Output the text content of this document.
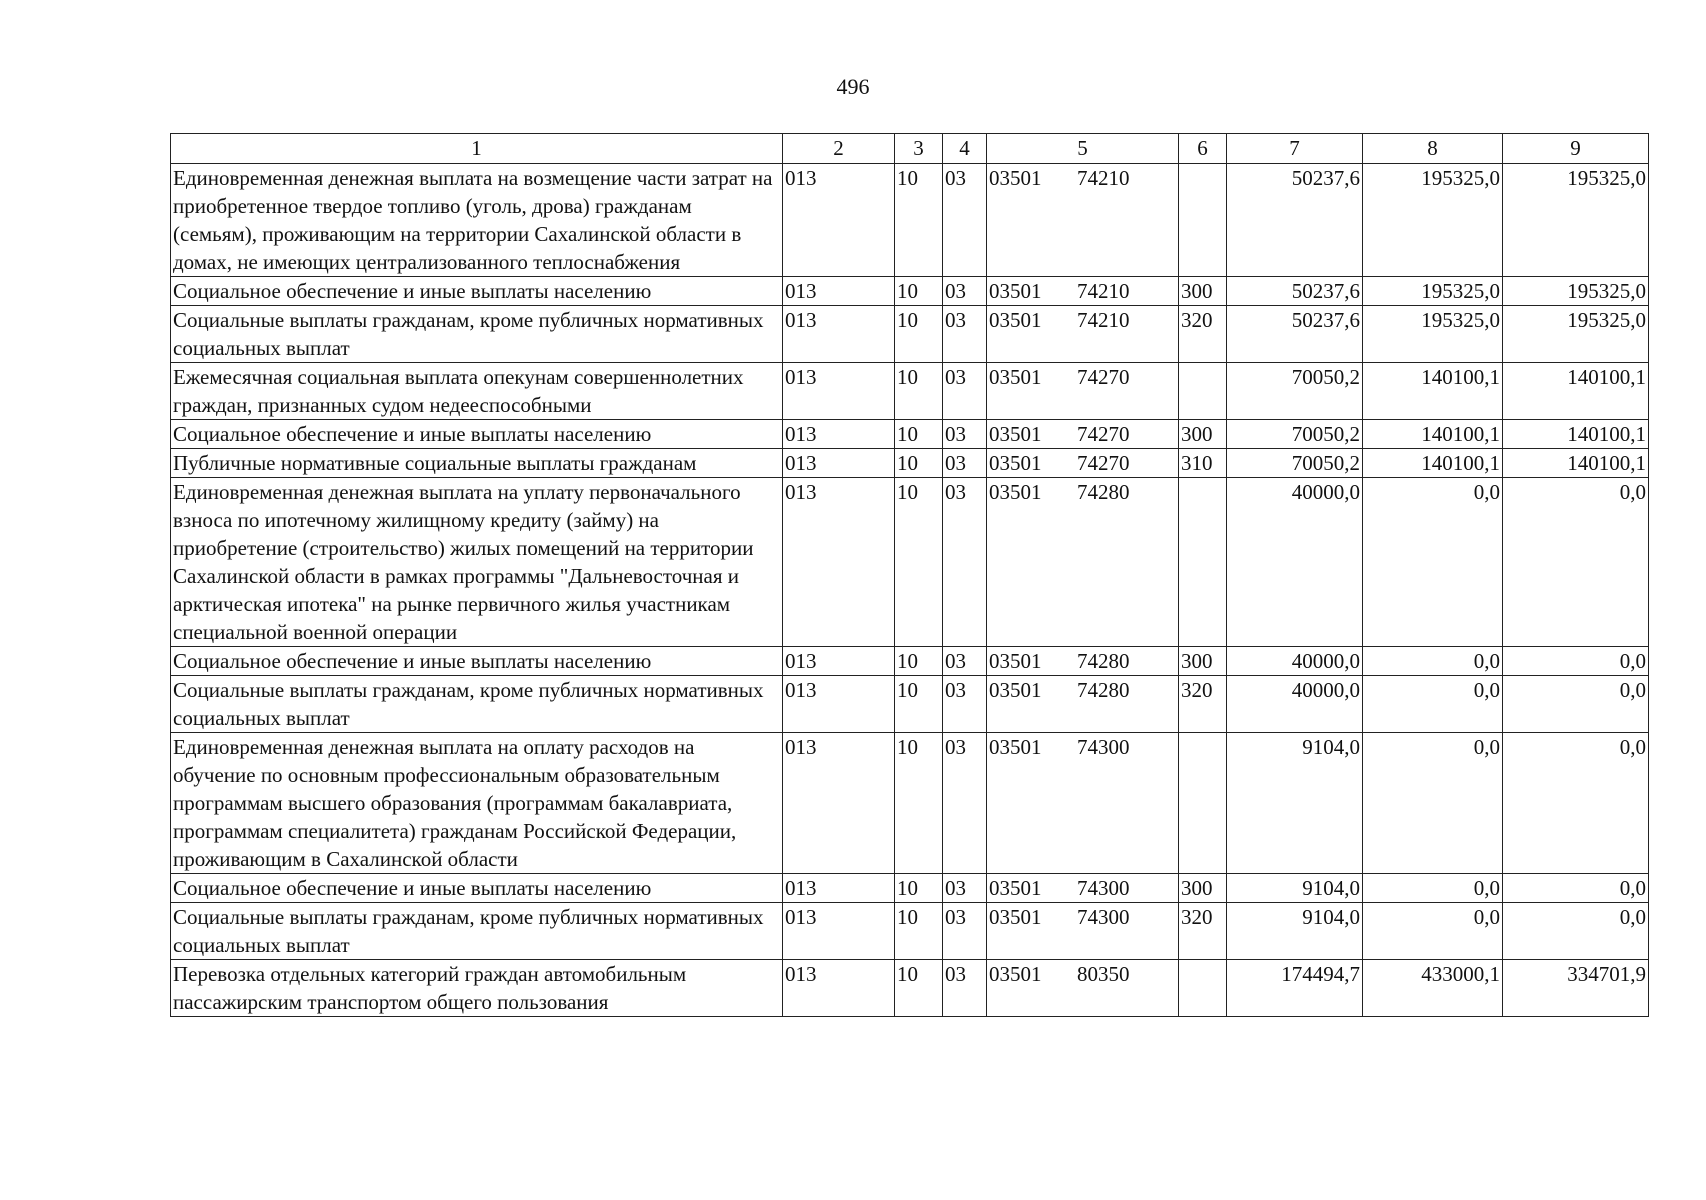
496
1	2	3	4	5	6	7	8	9
Единовременная денежная выплата на возмещение части затрат на приобретенное твердое топливо (уголь, дрова) гражданам (семьям), проживающим на территории Сахалинской области в домах, не имеющих централизованного теплоснабжения	013	10	03	03501 74210		50237,6	195325,0	195325,0
Социальное обеспечение и иные выплаты населению	013	10	03	03501 74210	300	50237,6	195325,0	195325,0
Социальные выплаты гражданам, кроме публичных нормативных социальных выплат	013	10	03	03501 74210	320	50237,6	195325,0	195325,0
Ежемесячная социальная выплата опекунам совершеннолетних граждан, признанных судом недееспособными	013	10	03	03501 74270		70050,2	140100,1	140100,1
Социальное обеспечение и иные выплаты населению	013	10	03	03501 74270	300	70050,2	140100,1	140100,1
Публичные нормативные социальные выплаты гражданам	013	10	03	03501 74270	310	70050,2	140100,1	140100,1
Единовременная денежная выплата на уплату первоначального взноса по ипотечному жилищному кредиту (займу) на приобретение (строительство) жилых помещений на территории Сахалинской области в рамках программы "Дальневосточная и арктическая ипотека" на рынке первичного жилья участникам специальной военной операции	013	10	03	03501 74280		40000,0	0,0	0,0
Социальное обеспечение и иные выплаты населению	013	10	03	03501 74280	300	40000,0	0,0	0,0
Социальные выплаты гражданам, кроме публичных нормативных социальных выплат	013	10	03	03501 74280	320	40000,0	0,0	0,0
Единовременная денежная выплата на оплату расходов на обучение по основным профессиональным образовательным программам высшего образования (программам бакалавриата, программам специалитета) гражданам Российской Федерации, проживающим в Сахалинской области	013	10	03	03501 74300		9104,0	0,0	0,0
Социальное обеспечение и иные выплаты населению	013	10	03	03501 74300	300	9104,0	0,0	0,0
Социальные выплаты гражданам, кроме публичных нормативных социальных выплат	013	10	03	03501 74300	320	9104,0	0,0	0,0
Перевозка отдельных категорий граждан автомобильным пассажирским транспортом общего пользования	013	10	03	03501 80350		174494,7	433000,1	334701,9
